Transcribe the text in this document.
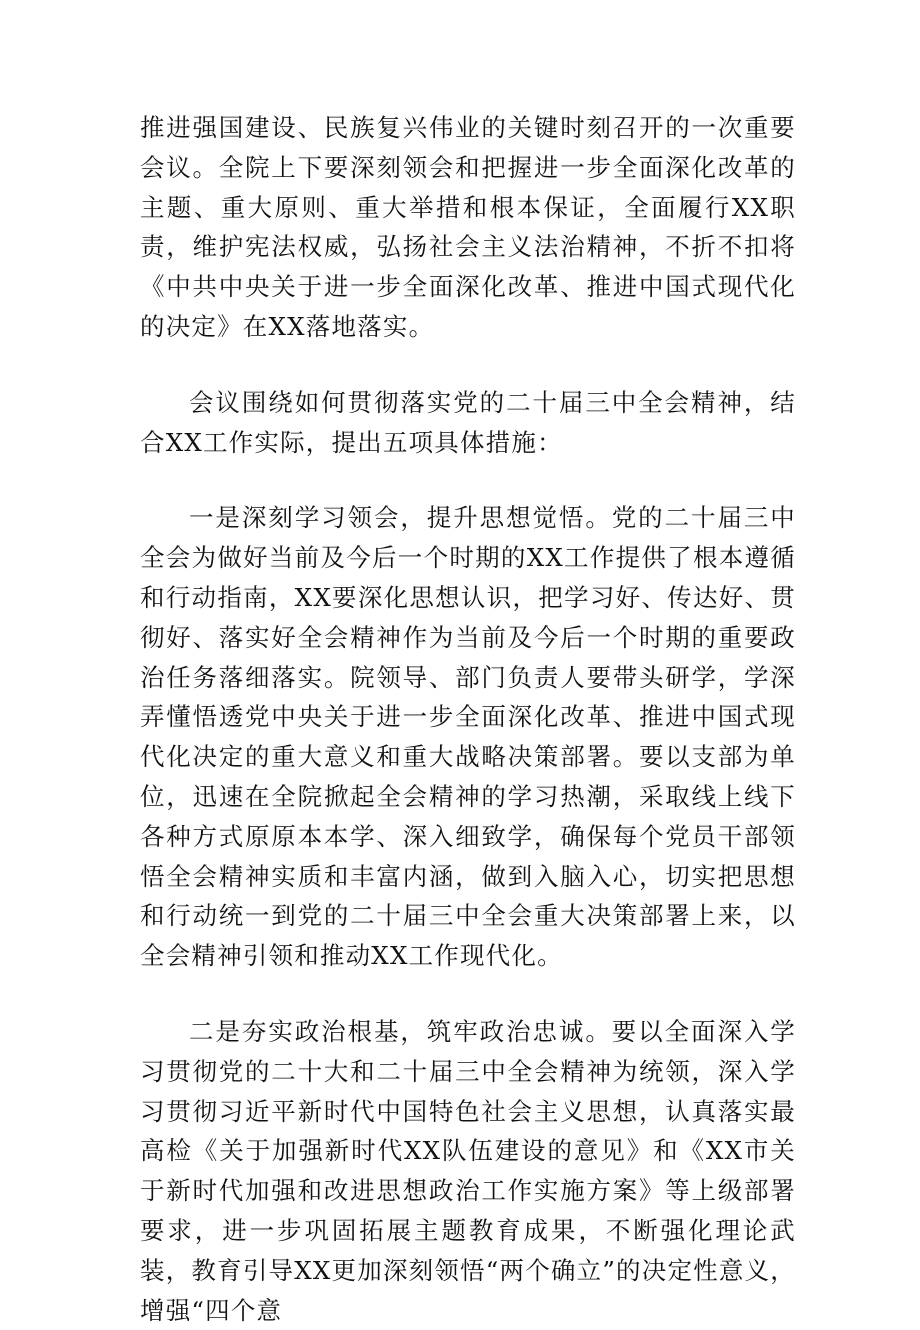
推进强国建设、民族复兴伟业的关键时刻召开的一次重要会议。全院上下要深刻领会和把握进一步全面深化改革的主题、重大原则、重大举措和根本保证，全面履行XX职责，维护宪法权威，弘扬社会主义法治精神，不折不扣将《中共中央关于进一步全面深化改革、推进中国式现代化的决定》在XX落地落实。

会议围绕如何贯彻落实党的二十届三中全会精神，结合XX工作实际，提出五项具体措施：

一是深刻学习领会，提升思想觉悟。党的二十届三中全会为做好当前及今后一个时期的XX工作提供了根本遵循和行动指南，XX要深化思想认识，把学习好、传达好、贯彻好、落实好全会精神作为当前及今后一个时期的重要政治任务落细落实。院领导、部门负责人要带头研学，学深弄懂悟透党中央关于进一步全面深化改革、推进中国式现代化决定的重大意义和重大战略决策部署。要以支部为单位，迅速在全院掀起全会精神的学习热潮，采取线上线下各种方式原原本本学、深入细致学，确保每个党员干部领悟全会精神实质和丰富内涵，做到入脑入心，切实把思想和行动统一到党的二十届三中全会重大决策部署上来，以全会精神引领和推动XX工作现代化。

二是夯实政治根基，筑牢政治忠诚。要以全面深入学习贯彻党的二十大和二十届三中全会精神为统领，深入学习贯彻习近平新时代中国特色社会主义思想，认真落实最高检《关于加强新时代XX队伍建设的意见》和《XX市关于新时代加强和改进思想政治工作实施方案》等上级部署要求，进一步巩固拓展主题教育成果，不断强化理论武装，教育引导XX更加深刻领悟“两个确立”的决定性意义，增强“四个意
